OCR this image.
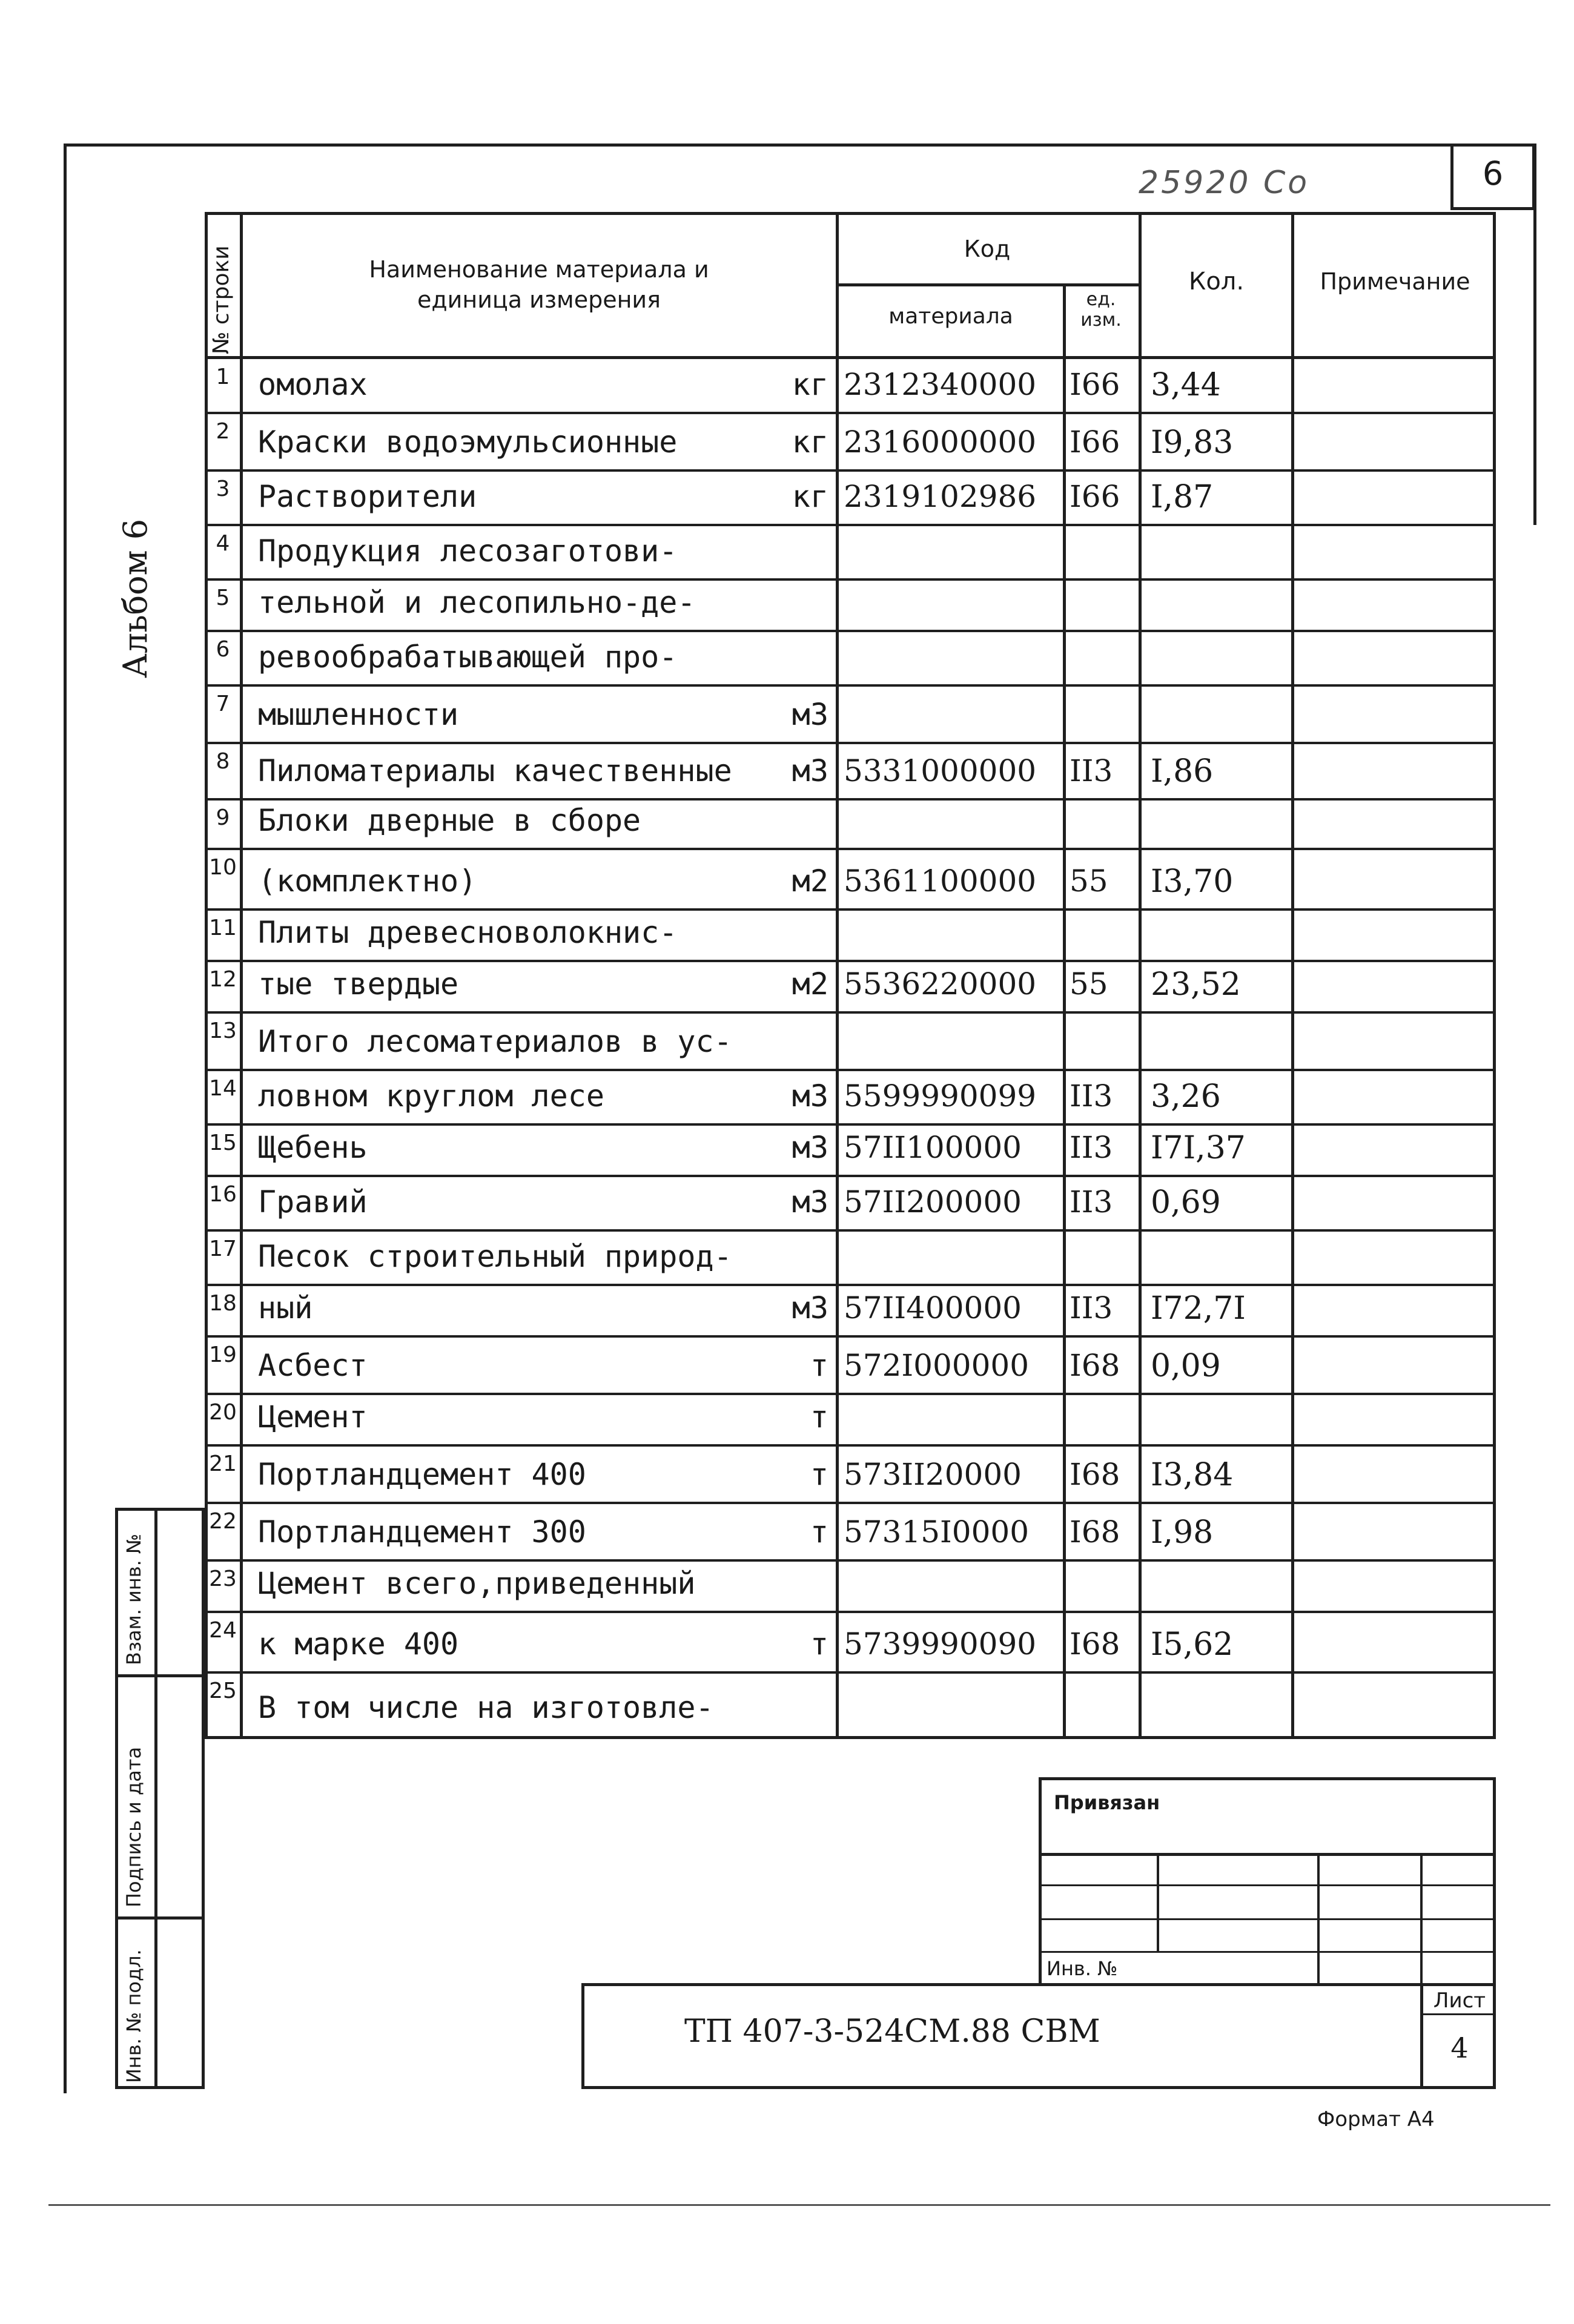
6
25920 Co
Альбом 6
№ строки	Наименование материала и единица измерения
Код
материала
ед. изм.
Кол.	Примечание
1 омолах	кг 2312340000 I66 3,44
2 Краски водоэмульсионные	кг 2316000000 I66 I9,83
3 Растворители	кг 2319102986 I66 I,87
4 Продукция лесозаготови-
5 тельной и лесопильно-де-
6 ревообрабатывающей про-
7 мышленности	м3
8 Пиломатериалы качественные	м3 5331000000 II3 I,86
9 Блоки дверные в сборе
10 (комплектно)	м2 5361100000 55 I3,70
11 Плиты древесноволокнис-
12 тые твердые	м2 5536220000 55 23,52
13 Итого лесоматериалов в ус-
14 ловном круглом лесе	м3 5599990099 II3 3,26
15 Щебень	м3 57II100000 II3 I7I,37
16 Гравий	м3 57II200000 II3 0,69
17 Песок строительный природ-
18 ный	м3 57II400000 II3 I72,7I
19 Асбест	т 572I000000 I68 0,09
20 Цемент	т
21 Портландцемент 400	т 573II20000 I68 I3,84
22 Портландцемент 300	т 57315I0000 I68 I,98
23 Цемент всего,приведенный
24 к марке 400	т 5739990090 I68 I5,62
25 В том числе на изготовле-
Взам. инв. №
Подпись и дата
Инв. № подл.
Привязан
Инв. №
ТП 407-3-524СМ.88 СВМ
Лист
4
Формат А4
